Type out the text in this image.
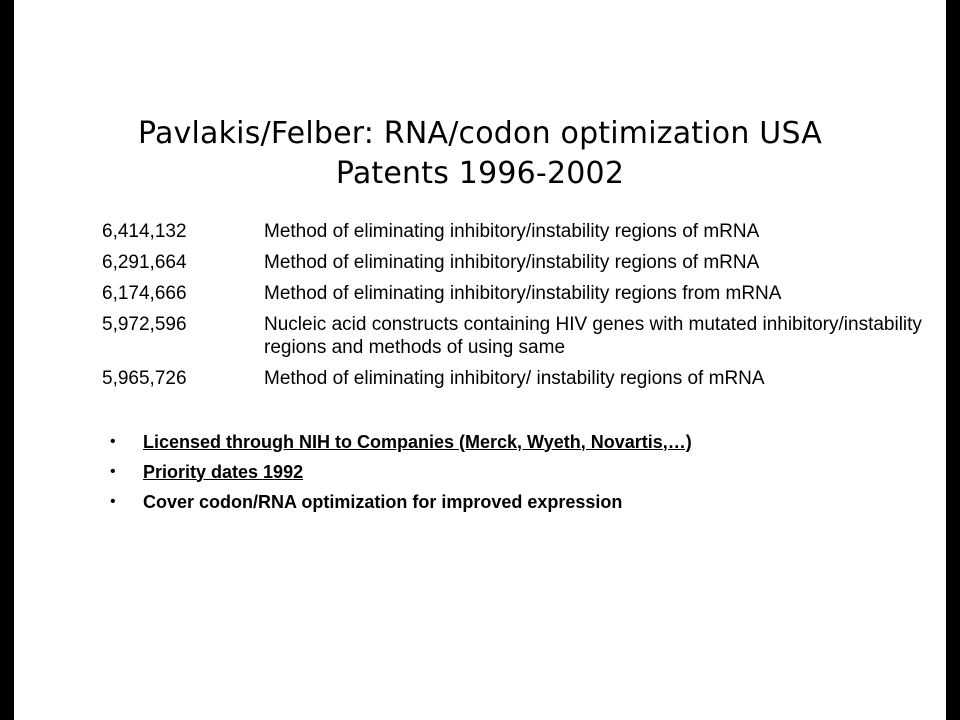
Pavlakis/Felber: RNA/codon optimization USA
Patents 1996-2002
6,414,132	Method of eliminating inhibitory/instability regions of mRNA
6,291,664	Method of eliminating inhibitory/instability regions of mRNA
6,174,666	Method of eliminating inhibitory/instability regions from mRNA
5,972,596	Nucleic acid constructs containing HIV genes with mutated inhibitory/instability regions and methods of using same
5,965,726	Method of eliminating inhibitory/ instability regions of mRNA
•	Licensed through NIH to Companies (Merck, Wyeth, Novartis,…)
•	Priority dates 1992
•	Cover codon/RNA optimization for improved expression
